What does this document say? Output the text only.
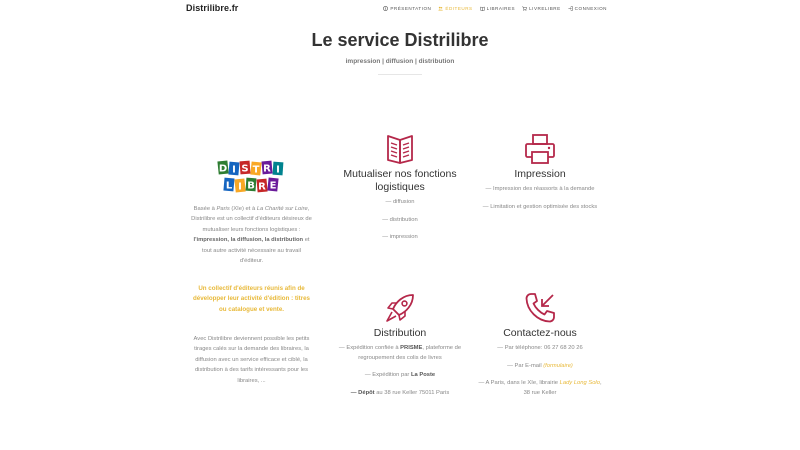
Distrilibre.fr	PRÉSENTATION	ÉDITEURS	LIBRAIRES	LIVRELIBRE	CONNEXION
Le service Distrilibre
impression | diffusion | distribution
D I S T R I
L I B R E

Basée à Paris (XIe) et à La Charité sur Loire, Distrilibre est un collectif d'éditeurs désireux de mutualiser leurs fonctions logistiques : l'impression, la diffusion, la distribution et tout autre activité nécessaire au travail d'éditeur.

Un collectif d'éditeurs réunis afin de développer leur activité d'édition : titres ou catalogue et vente.

Avec Distrilibre deviennent possible les petits tirages calés sur la demande des libraires, la diffusion avec un service efficace et ciblé, la distribution à des tarifs intéressants pour les libraires, ...

Mutualiser nos fonctions logistiques
— diffusion
— distribution
— impression
Impression
— Impression des réassorts à la demande
— Limitation et gestion optimisée des stocks
Distribution
— Expédition confiée à PRISME, plateforme de regroupement des colis de livres
— Expédition par La Poste
— Dépôt au 38 rue Keller 75011 Paris
Contactez-nous
— Par téléphone: 06 27 68 20 26
— Par E-mail (formulaire)
— A Paris, dans le XIe, librairie Lady Long Solo, 38 rue Keller
